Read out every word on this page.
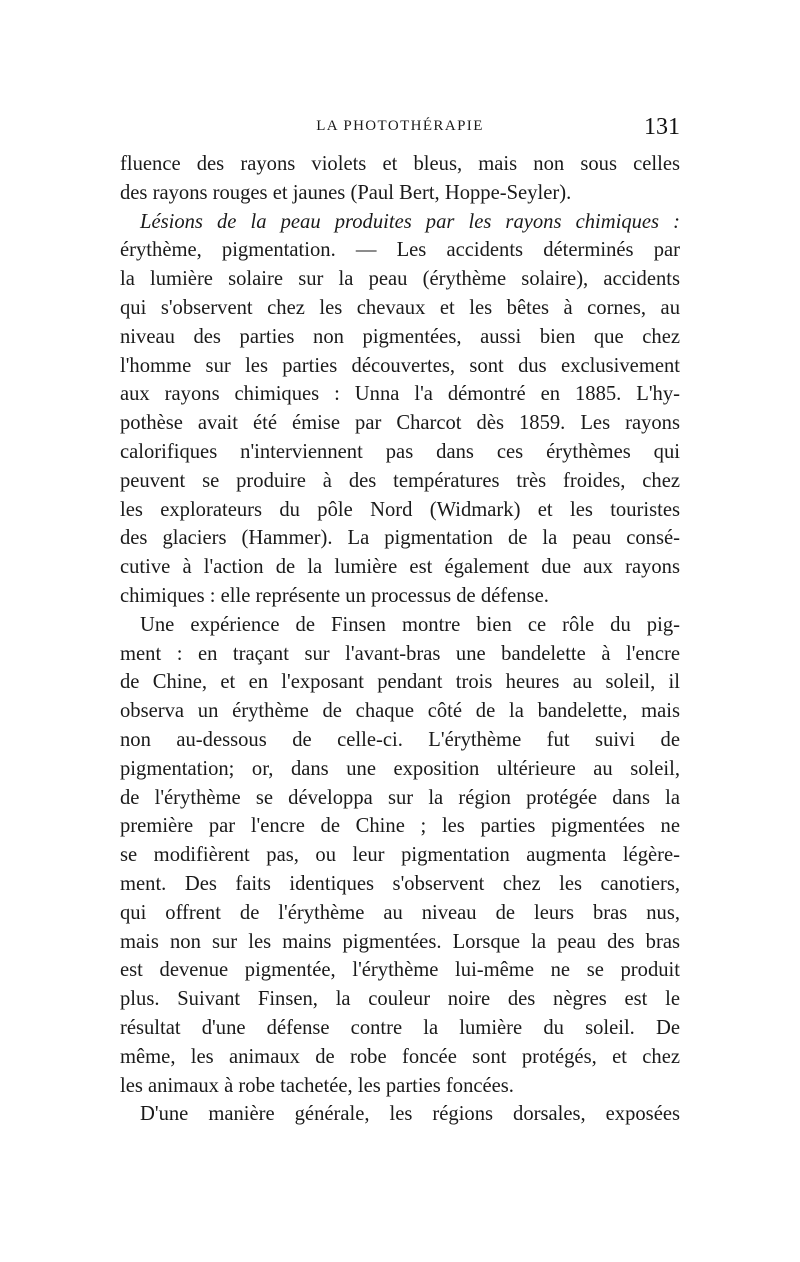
LA PHOTOTHÉRAPIE	131

fluence des rayons violets et bleus, mais non sous celles
des rayons rouges et jaunes (Paul Bert, Hoppe-Seyler).

Lésions de la peau produites par les rayons chimiques :
érythème, pigmentation. — Les accidents déterminés par
la lumière solaire sur la peau (érythème solaire), accidents
qui s'observent chez les chevaux et les bêtes à cornes, au
niveau des parties non pigmentées, aussi bien que chez
l'homme sur les parties découvertes, sont dus exclusivement
aux rayons chimiques : Unna l'a démontré en 1885. L'hy-
pothèse avait été émise par Charcot dès 1859. Les rayons
calorifiques n'interviennent pas dans ces érythèmes qui
peuvent se produire à des températures très froides, chez
les explorateurs du pôle Nord (Widmark) et les touristes
des glaciers (Hammer). La pigmentation de la peau consé-
cutive à l'action de la lumière est également due aux rayons
chimiques : elle représente un processus de défense.

Une expérience de Finsen montre bien ce rôle du pig-
ment : en traçant sur l'avant-bras une bandelette à l'encre
de Chine, et en l'exposant pendant trois heures au soleil, il
observa un érythème de chaque côté de la bandelette, mais
non au-dessous de celle-ci. L'érythème fut suivi de
pigmentation; or, dans une exposition ultérieure au soleil,
de l'érythème se développa sur la région protégée dans la
première par l'encre de Chine ; les parties pigmentées ne
se modifièrent pas, ou leur pigmentation augmenta légère-
ment. Des faits identiques s'observent chez les canotiers,
qui offrent de l'érythème au niveau de leurs bras nus,
mais non sur les mains pigmentées. Lorsque la peau des bras
est devenue pigmentée, l'érythème lui-même ne se produit
plus. Suivant Finsen, la couleur noire des nègres est le
résultat d'une défense contre la lumière du soleil. De
même, les animaux de robe foncée sont protégés, et chez
les animaux à robe tachetée, les parties foncées.

D'une manière générale, les régions dorsales, exposées
